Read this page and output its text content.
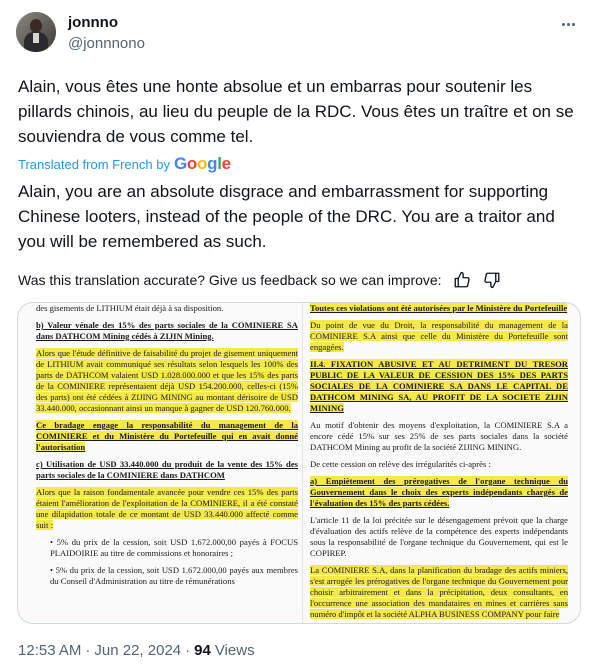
jonnno
@jonnnono
Alain, vous êtes une honte absolue et un embarras pour soutenir les pillards chinois, au lieu du peuple de la RDC. Vous êtes un traître et on se souviendra de vous comme tel.
Translated from French by Google
Alain, you are an absolute disgrace and embarrassment for supporting Chinese looters, instead of the people of the DRC. You are a traitor and you will be remembered as such.
Was this translation accurate? Give us feedback so we can improve:

des gisements de LITHIUM était déjà à sa disposition.

b) Valeur vénale des 15% des parts sociales de la COMINIERE SA dans DATHCOM Mining cédés à ZIJIN Mining.

Alors que l'étude définitive de faisabilité du projet de gisement uniquement de LITHIUM avait communiqué ses résultats selon lesquels les 100% des parts de DATHCOM valaient USD 1.028.000.000 et que les 15% des parts de la COMINIERE représentaient déjà USD 154.200.000, celles-ci (15% des parts) ont été cédées à ZIJING MINING au montant dérisoire de USD 33.440.000, occasionnant ainsi un manque à gagner de USD 120.760.000.

Ce bradage engage la responsabilité du management de la COMINIERE et du Ministère du Portefeuille qui en avait donné l'autorisation

c) Utilisation de USD 33.440.000 du produit de la vente des 15% des parts sociales de la COMINIERE dans DATHCOM

Alors que la raison fondamentale avancée pour vendre ces 15% des parts étaient l'amélioration de l'exploitation de la COMINIERE, il a été constaté une dilapidation totale de ce montant de USD 33.440.000 affecté comme suit :

• 5% du prix de la cession, soit USD 1.672.000,00 payés à FOCUS PLAIDOIRIE au titre de commissions et honoraires ;

• 5% du prix de la cession, soit USD 1.672.000,00 payés aux membres du Conseil d'Administration au titre de rémunérations

Toutes ces violations ont été autorisées par le Ministère du Portefeuille

Du point de vue du Droit, la responsabilité du management de la COMINIERE S.A ainsi que celle du Ministère du Portefeuille sont engagées.

II.4. FIXATION ABUSIVE ET AU DETRIMENT DU TRESOR PUBLIC DE LA VALEUR DE CESSION DES 15% DES PARTS SOCIALES DE LA COMINIERE S.A DANS LE CAPITAL DE DATHCOM MINING SA, AU PROFIT DE LA SOCIETE ZIJIN MINING

Au motif d'obtenir des moyens d'exploitation, la COMINIERE S.A a encore cédé 15% sur ses 25% de ses parts sociales dans la société DATHCOM Mining au profit de la société ZIJING MINING.

De cette cession on relève des irrégularités ci-après :

a) Empiètement des prérogatives de l'organe technique du Gouvernement dans le choix des experts indépendants chargés de l'évaluation des 15% des parts cédées.

L'article 11 de la loi précitée sur le désengagement prévoit que la charge d'évaluation des actifs relève de la compétence des experts indépendants sous la responsabilité de l'organe technique du Gouvernement, qui est le COPIREP.

La COMINIERE S.A, dans la planification du bradage des actifs miniers, s'est arrogée les prérogatives de l'organe technique du Gouvernement pour choisir arbitrairement et dans la précipitation, deux consultants, en l'occurrence une association des mandataires en mines et carrières sans numéro d'impôt et la société ALPHA BUSINESS COMPANY pour faire

12:53 AM · Jun 22, 2024 · 94 Views
